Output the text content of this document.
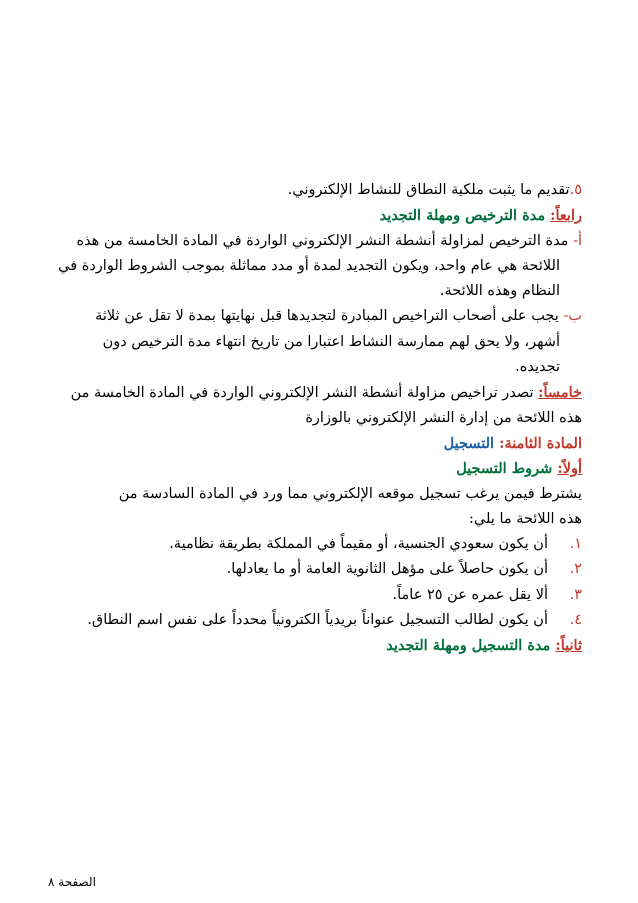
٥.تقديم ما يثبت ملكية النطاق للنشاط الإلكتروني.
رابعاً: مدة الترخيص ومهلة التجديد
أ- مدة الترخيص لمزاولة أنشطة النشر الإلكتروني الواردة في المادة الخامسة من هذه
اللائحة هي عام واحد، ويكون التجديد لمدة أو مدد مماثلة بموجب الشروط الواردة في
النظام وهذه اللائحة.
ب- يجب على أصحاب التراخيص المبادرة لتجديدها قبل نهايتها بمدة لا تقل عن ثلاثة
أشهر، ولا يحق لهم ممارسة النشاط اعتبارا من تاريخ انتهاء مدة الترخيص دون
تجديده.
خامساً: تصدر تراخيص مزاولة أنشطة النشر الإلكتروني الواردة في المادة الخامسة من
هذه اللائحة من إدارة النشر الإلكتروني بالوزارة
المادة الثامنة: التسجيل
أولاً: شروط التسجيل
يشترط فيمن يرغب تسجيل موقعه الإلكتروني مما ورد في المادة السادسة من
هذه اللائحة ما يلي:
١.
أن يكون سعودي الجنسية، أو مقيماً في المملكة بطريقة نظامية.
٢.
أن يكون حاصلاً على مؤهل الثانوية العامة أو ما يعادلها.
٣.
ألا يقل عمره عن ٢٥ عاماً.
٤.
أن يكون لطالب التسجيل عنواناً بريدياً الكترونياً محدداً على نفس اسم النطاق.
ثانياً: مدة التسجيل ومهلة التجديد
الصفحة ٨
